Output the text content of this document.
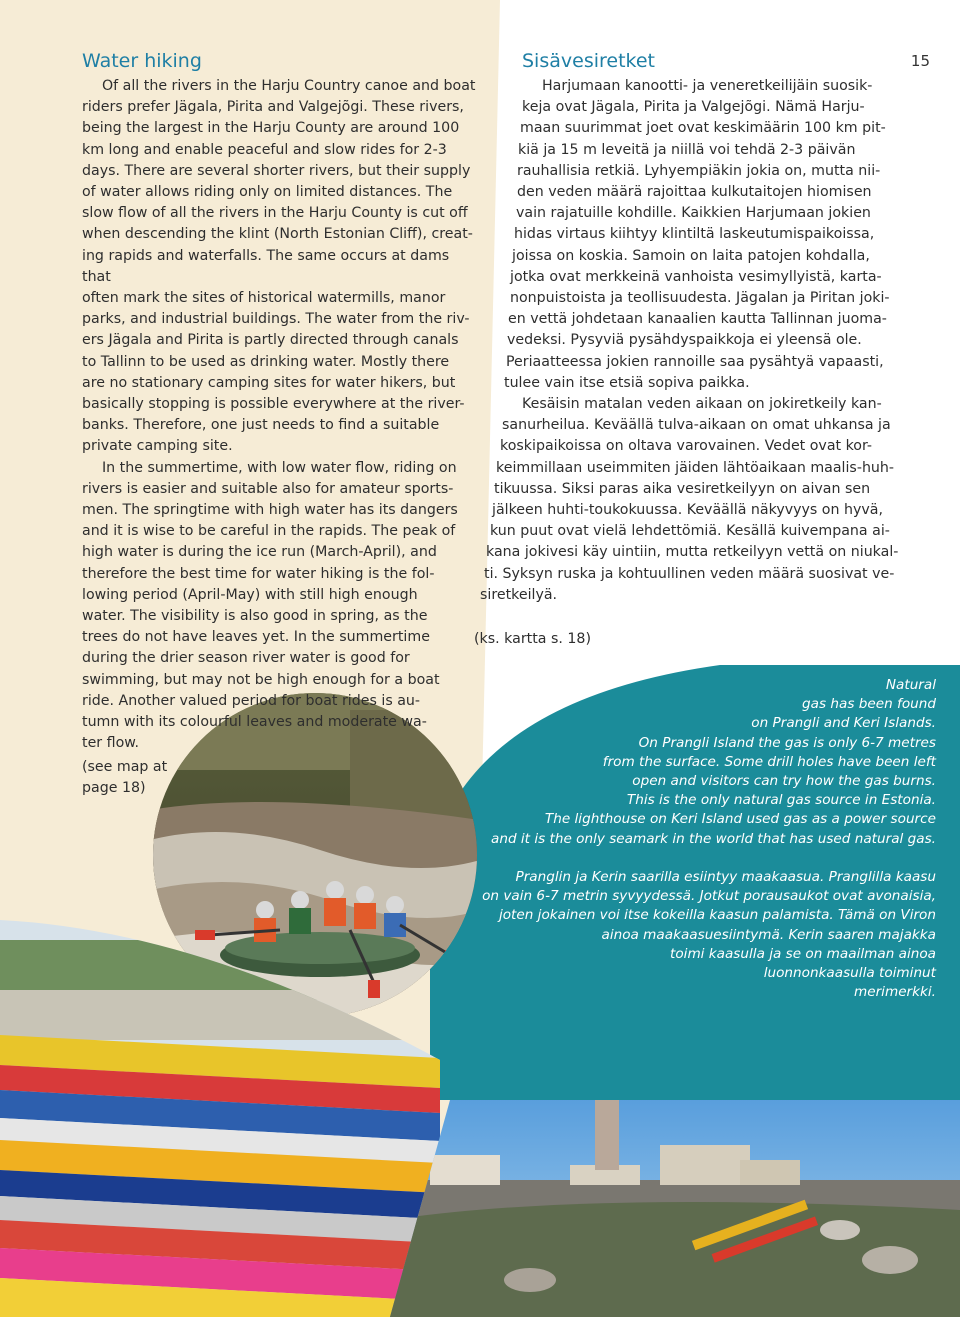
15
Water hiking

Of all the rivers in the Harju Country canoe and boat

riders prefer Jägala, Pirita and Valgejõgi. These rivers,

being the largest in the Harju County are around 100

km long and enable peaceful and slow rides for 2-3

days. There are several shorter rivers, but their supply

of water allows riding only on limited distances. The

slow flow of all the rivers in the Harju County is cut off

when descending the klint (North Estonian Cliff), creat-

ing rapids and waterfalls. The same occurs at dams that

often mark the sites of historical watermills, manor

parks, and industrial buildings. The water from the riv-

ers Jägala and Pirita is partly directed through canals

to Tallinn to be used as drinking water. Mostly there

are no stationary camping sites for water hikers, but

basically stopping is possible everywhere at the river-

banks. Therefore, one just needs to find a suitable

private camping site.

In the summertime, with low water flow, riding on

rivers is easier and suitable also for amateur sports-

men. The springtime with high water has its dangers

and it is wise to be careful in the rapids. The peak of

high water is during the ice run (March-April), and

therefore the best time for water hiking is the fol-

lowing period (April-May) with still high enough

water. The visibility is also good in spring, as the

trees do not have leaves yet. In the summertime

during the drier season river water is good for

swimming, but may not be high enough for a boat

ride. Another valued period for boat rides is au-

tumn with its colourful leaves and moderate wa-

ter flow.

(see map at

page 18)

Sisävesiretket

Harjumaan kanootti- ja veneretkeilijäin suosik-

keja ovat Jägala, Pirita ja Valgejõgi. Nämä Harju-

maan suurimmat joet ovat keskimäärin 100 km pit-

kiä ja 15 m leveitä ja niillä voi tehdä 2-3 päivän

rauhallisia retkiä. Lyhyempiäkin jokia on, mutta nii-

den veden määrä rajoittaa kulkutaitojen hiomisen

vain rajatuille kohdille. Kaikkien Harjumaan jokien

hidas virtaus kiihtyy klintiltä laskeutumispaikoissa,

joissa on koskia. Samoin on laita patojen kohdalla,

jotka ovat merkkeinä vanhoista vesimyllyistä, karta-

nonpuistoista ja teollisuudesta. Jägalan ja Piritan joki-

en vettä johdetaan kanaalien kautta Tallinnan juoma-

vedeksi. Pysyviä pysähdyspaikkoja ei yleensä ole.

Periaatteessa jokien rannoille saa pysähtyä vapaasti,

tulee vain itse etsiä sopiva paikka.

Kesäisin matalan veden aikaan on jokiretkeily kan-

sanurheilua. Keväällä tulva-aikaan on omat uhkansa ja

koskipaikoissa on oltava varovainen. Vedet ovat kor-

keimmillaan useimmiten jäiden lähtöaikaan maalis-huh-

tikuussa. Siksi paras aika vesiretkeilyyn on aivan sen

jälkeen huhti-toukokuussa. Keväällä näkyvyys on hyvä,

kun puut ovat vielä lehdettömiä. Kesällä kuivempana ai-

kana jokivesi käy uintiin, mutta retkeilyyn vettä on niukal-

ti. Syksyn ruska ja kohtuullinen veden määrä suosivat ve-

siretkeilyä.

(ks. kartta s. 18)

Natural

gas has been found

on Prangli and Keri Islands.

On Prangli Island the gas is only 6-7 metres

from the surface. Some drill holes have been left

open and visitors can try how the gas burns.

This is the only natural gas source in Estonia.

The lighthouse on Keri Island used gas as a power source

and it is the only seamark in the world that has used natural gas.

Pranglin ja Kerin saarilla esiintyy maakaasua. Pranglilla kaasu

on vain 6-7 metrin syvyydessä. Jotkut porausaukot ovat avonaisia,

joten jokainen voi itse kokeilla kaasun palamista. Tämä on Viron

ainoa maakaasuesiintymä. Kerin saaren majakka

toimi kaasulla ja se on maailman ainoa

luonnonkaasulla toiminut

merimerkki.
